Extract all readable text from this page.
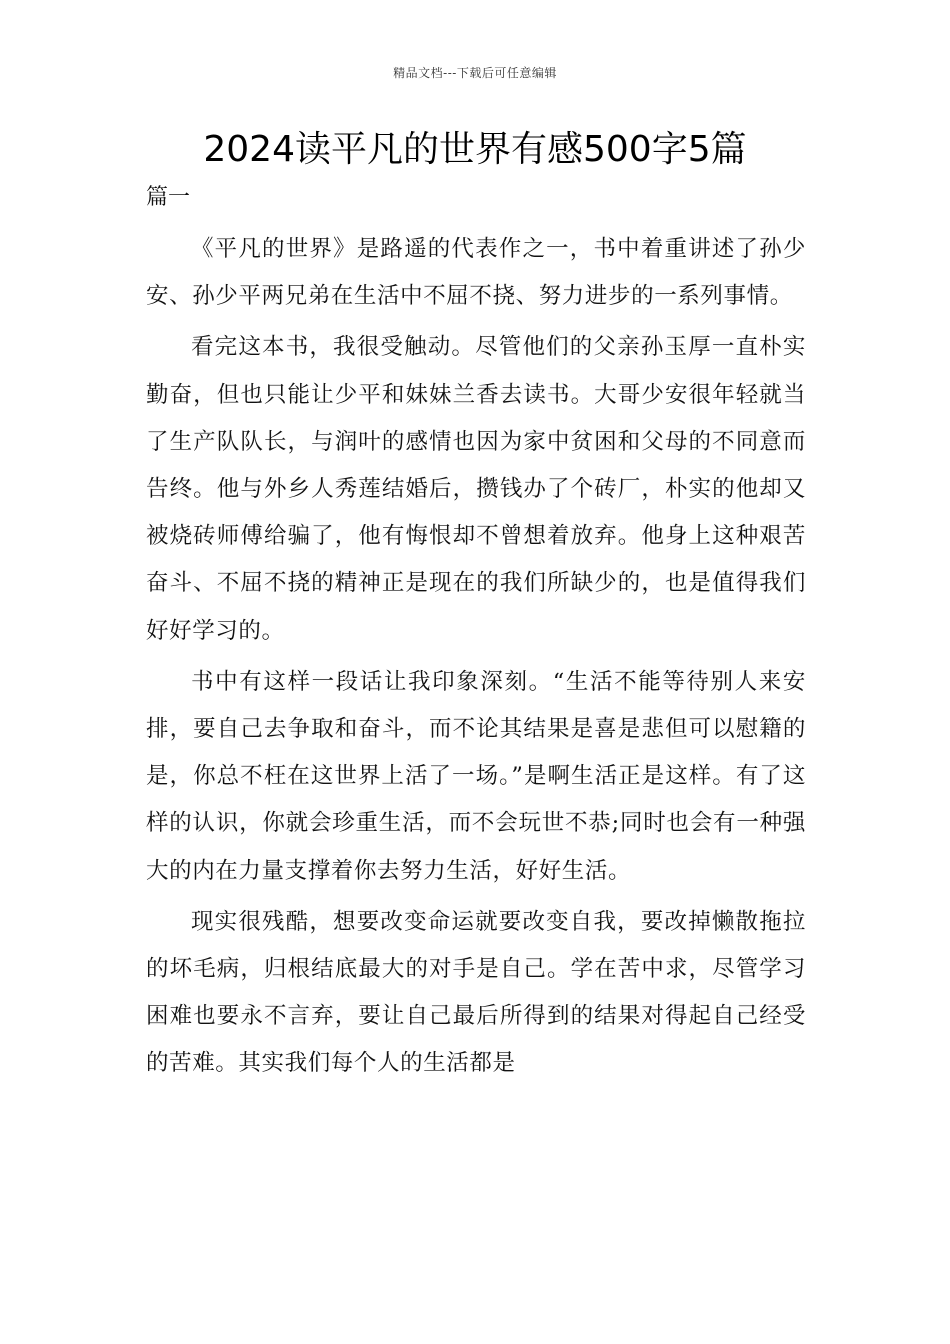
精品文档---下载后可任意编辑
2024读平凡的世界有感500字5篇
篇一

《平凡的世界》是路遥的代表作之一，书中着重讲述了孙少安、孙少平两兄弟在生活中不屈不挠、努力进步的一系列事情。

看完这本书，我很受触动。尽管他们的父亲孙玉厚一直朴实勤奋，但也只能让少平和妹妹兰香去读书。大哥少安很年轻就当了生产队队长，与润叶的感情也因为家中贫困和父母的不同意而告终。他与外乡人秀莲结婚后，攒钱办了个砖厂，朴实的他却又被烧砖师傅给骗了，他有悔恨却不曾想着放弃。他身上这种艰苦奋斗、不屈不挠的精神正是现在的我们所缺少的，也是值得我们好好学习的。

书中有这样一段话让我印象深刻。“生活不能等待别人来安排，要自己去争取和奋斗，而不论其结果是喜是悲但可以慰籍的是，你总不枉在这世界上活了一场。”是啊生活正是这样。有了这样的认识，你就会珍重生活，而不会玩世不恭;同时也会有一种强大的内在力量支撑着你去努力生活，好好生活。

现实很残酷，想要改变命运就要改变自我，要改掉懒散拖拉的坏毛病，归根结底最大的对手是自己。学在苦中求，尽管学习困难也要永不言弃，要让自己最后所得到的结果对得起自己经受的苦难。其实我们每个人的生活都是
